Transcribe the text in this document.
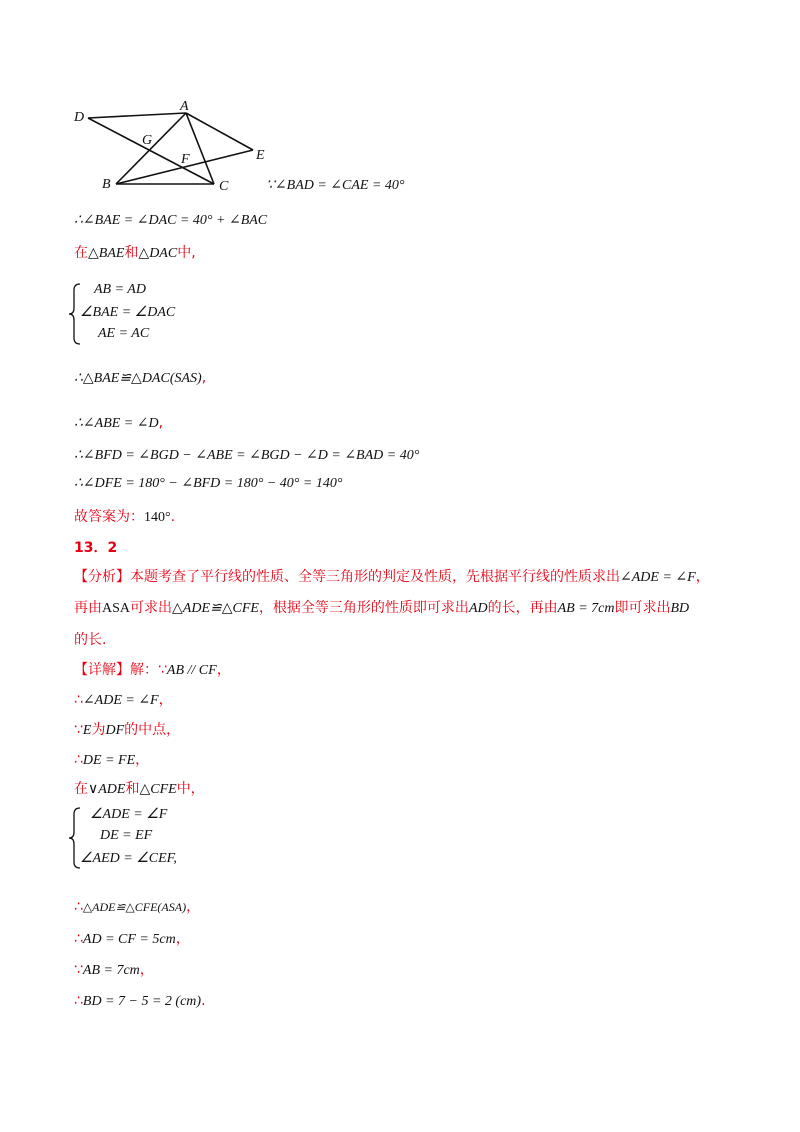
D
A
G
F	E
B	C	∵∠BAD = ∠CAE = 40°
∴∠BAE = ∠DAC = 40° + ∠BAC
在△BAE和△DAC中,
AB = AD
∠BAE = ∠DAC
AE = AC
∴△BAE≌△DAC(SAS),
∴∠ABE = ∠D,
∴∠BFD = ∠BGD − ∠ABE = ∠BGD − ∠D = ∠BAD = 40°
∴∠DFE = 180° − ∠BFD = 180° − 40° = 140°
故答案为：140°.
13．2
【分析】本题考查了平行线的性质、全等三角形的判定及性质，先根据平行线的性质求出∠ADE = ∠F，
再由ASA可求出△ADE≌△CFE，根据全等三角形的性质即可求出AD的长，再由AB = 7cm即可求出BD
的长.
【详解】解：∵AB // CF，
∴∠ADE = ∠F，
∵E为DF的中点，
∴DE = FE，
在∨ADE和△CFE中，
∠ADE = ∠F
DE = EF
∠AED = ∠CEF,
∴△ADE≌△CFE(ASA)，
∴AD = CF = 5cm，
∵AB = 7cm，
∴BD = 7 − 5 = 2 (cm).
